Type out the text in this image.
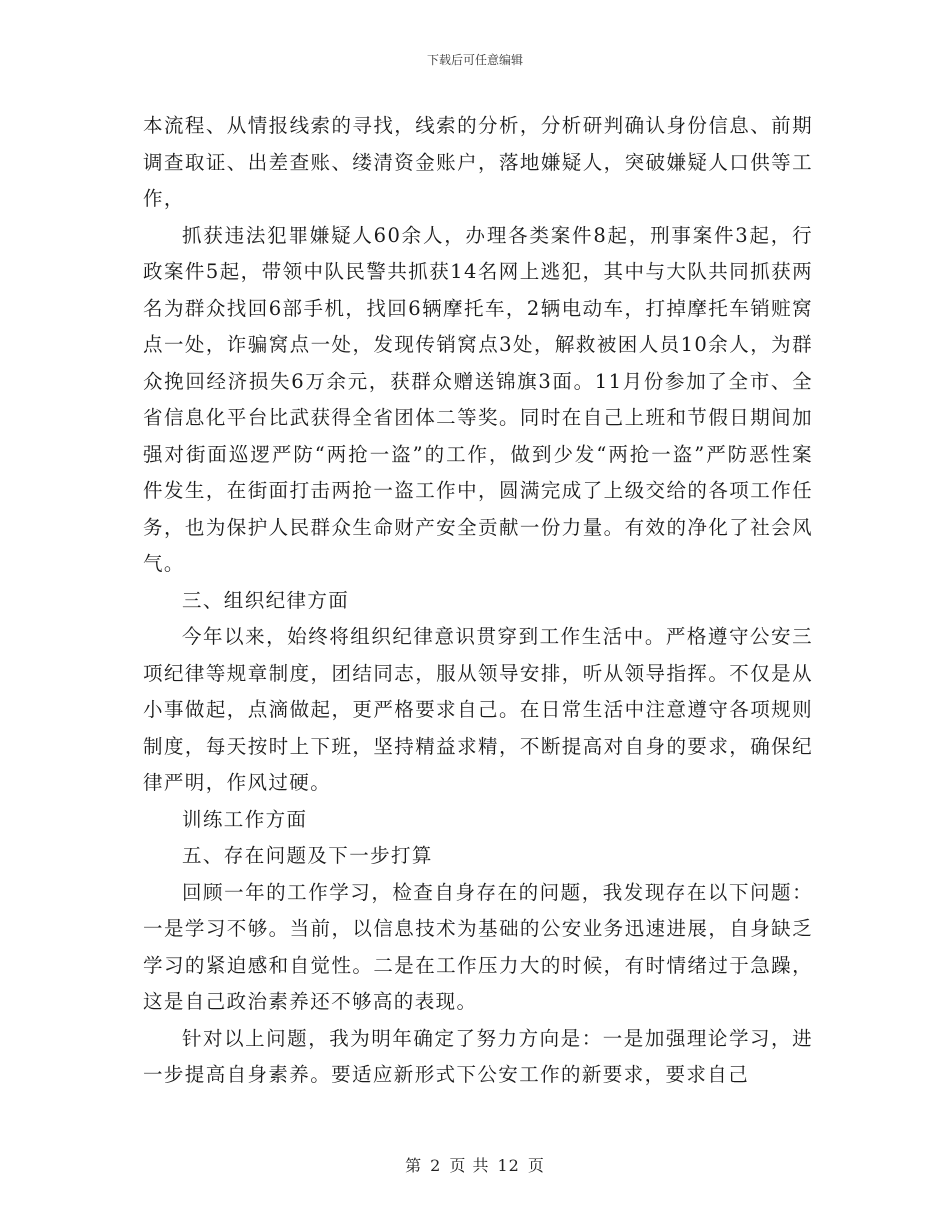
下载后可任意编辑

本流程、从情报线索的寻找，线索的分析，分析研判确认身份信息、前期调查取证、出差查账、缕清资金账户，落地嫌疑人，突破嫌疑人口供等工作，

抓获违法犯罪嫌疑人60余人，办理各类案件8起，刑事案件3起，行政案件5起，带领中队民警共抓获14名网上逃犯，其中与大队共同抓获两名为群众找回6部手机，找回6辆摩托车，2辆电动车，打掉摩托车销赃窝点一处，诈骗窝点一处，发现传销窝点3处，解救被困人员10余人，为群众挽回经济损失6万余元，获群众赠送锦旗3面。11月份参加了全市、全省信息化平台比武获得全省团体二等奖。同时在自己上班和节假日期间加强对街面巡逻严防“两抢一盗”的工作，做到少发“两抢一盗”严防恶性案件发生，在街面打击两抢一盗工作中，圆满完成了上级交给的各项工作任务，也为保护人民群众生命财产安全贡献一份力量。有效的净化了社会风气。

三、组织纪律方面

今年以来，始终将组织纪律意识贯穿到工作生活中。严格遵守公安三项纪律等规章制度，团结同志，服从领导安排，听从领导指挥。不仅是从小事做起，点滴做起，更严格要求自己。在日常生活中注意遵守各项规则制度，每天按时上下班，坚持精益求精，不断提高对自身的要求，确保纪律严明，作风过硬。

训练工作方面

五、存在问题及下一步打算

回顾一年的工作学习，检查自身存在的问题，我发现存在以下问题：一是学习不够。当前，以信息技术为基础的公安业务迅速进展，自身缺乏学习的紧迫感和自觉性。二是在工作压力大的时候，有时情绪过于急躁，这是自己政治素养还不够高的表现。

针对以上问题，我为明年确定了努力方向是：一是加强理论学习，进一步提高自身素养。要适应新形式下公安工作的新要求，要求自己

第 2 页 共 12 页
